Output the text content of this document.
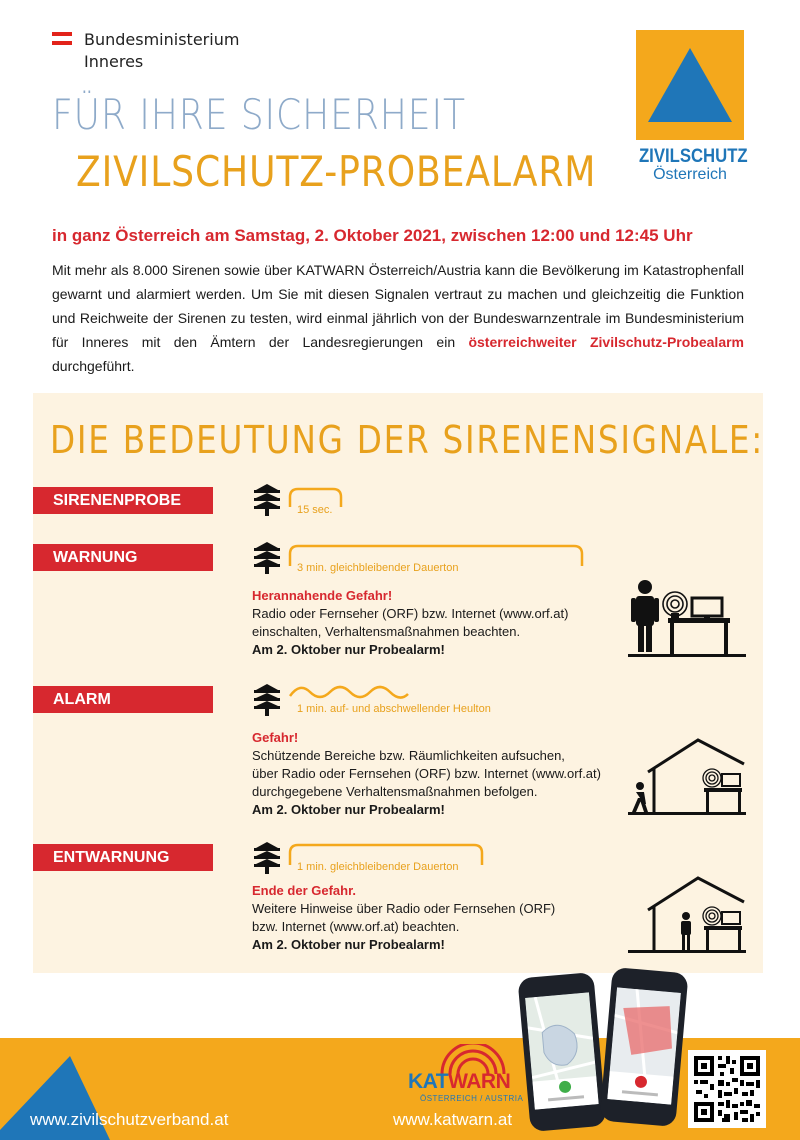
Bundesministerium
Inneres
FÜR IHRE SICHERHEIT
ZIVILSCHUTZ-PROBEALARM ZIVILSCHUTZ
Österreich
in ganz Österreich am Samstag, 2. Oktober 2021, zwischen 12:00 und 12:45 Uhr
Mit mehr als 8.000 Sirenen sowie über KATWARN Österreich/Austria kann die Bevölkerung im Katastrophenfall gewarnt und alarmiert werden. Um Sie mit diesen Signalen vertraut zu machen und gleichzeitig die Funktion und Reichweite der Sirenen zu testen, wird einmal jährlich von der Bundeswarnzentrale im Bundesministerium für Inneres mit den Ämtern der Landesregierungen ein österreichweiter Zivilschutz-Probealarm durchgeführt.
DIE BEDEUTUNG DER SIRENENSIGNALE:
SIRENENPROBE
15 sec.
WARNUNG
3 min. gleichbleibender Dauerton
Herannahende Gefahr!
Radio oder Fernseher (ORF) bzw. Internet (www.orf.at)
einschalten, Verhaltensmaßnahmen beachten.
Am 2. Oktober nur Probealarm!
ALARM
1 min. auf- und abschwellender Heulton
Gefahr!
Schützende Bereiche bzw. Räumlichkeiten aufsuchen,
über Radio oder Fernsehen (ORF) bzw. Internet (www.orf.at)
durchgegebene Verhaltensmaßnahmen befolgen.
Am 2. Oktober nur Probealarm!
ENTWARNUNG
1 min. gleichbleibender Dauerton
Ende der Gefahr.
Weitere Hinweise über Radio oder Fernsehen (ORF)
bzw. Internet (www.orf.at) beachten.
Am 2. Oktober nur Probealarm!
www.zivilschutzverband.at	www.katwarn.at
KATWARN
ÖSTERREICH / AUSTRIA
